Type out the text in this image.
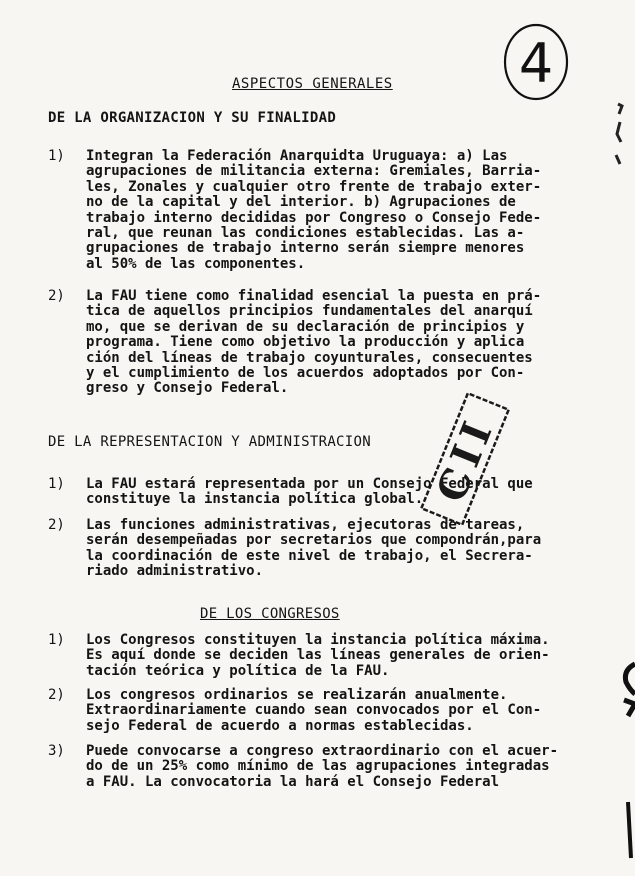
4
ASPECTOS GENERALES
DE LA ORGANIZACION Y SU FINALIDAD
1)	Integran la Federación Anarquidta Uruguaya: a) Las
agrupaciones de militancia externa: Gremiales, Barria-
les, Zonales y cualquier otro frente de trabajo exter-
no de la capital y del interior. b) Agrupaciones de
trabajo interno decididas por Congreso o Consejo Fede-
ral, que reunan las condiciones establecidas. Las a-
grupaciones de trabajo interno serán siempre menores
al 50% de las componentes.
2)	La FAU tiene como finalidad esencial la puesta en prá-
tica de aquellos principios fundamentales del anarquí
mo, que se derivan de su declaración de principios y
programa. Tiene como objetivo la producción y aplica
ción del líneas de trabajo coyunturales, consecuentes
y el cumplimiento de los acuerdos adoptados por Con-
greso y Consejo Federal.
DE LA REPRESENTACION Y ADMINISTRACION
1)	La FAU estará representada por un Consejo Federal que
constituye la instancia política global.
2)	Las funciones administrativas, ejecutoras de tareas,
serán desempeñadas por secretarios que compondrán,para
la coordinación de este nivel de trabajo, el Secrera-
riado administrativo.
DE LOS CONGRESOS
1)	Los Congresos constituyen la instancia política máxima.
Es aquí donde se deciden las líneas generales de orien-
tación teórica y política de la FAU.
2)	Los congresos ordinarios se realizarán anualmente.
Extraordinariamente cuando sean convocados por el Con-
sejo Federal de acuerdo a normas establecidas.
3)	Puede convocarse a congreso extraordinario con el acuer-
do de un 25% como mínimo de las agrupaciones integradas
a FAU. La convocatoria la hará el Consejo Federal
CII
